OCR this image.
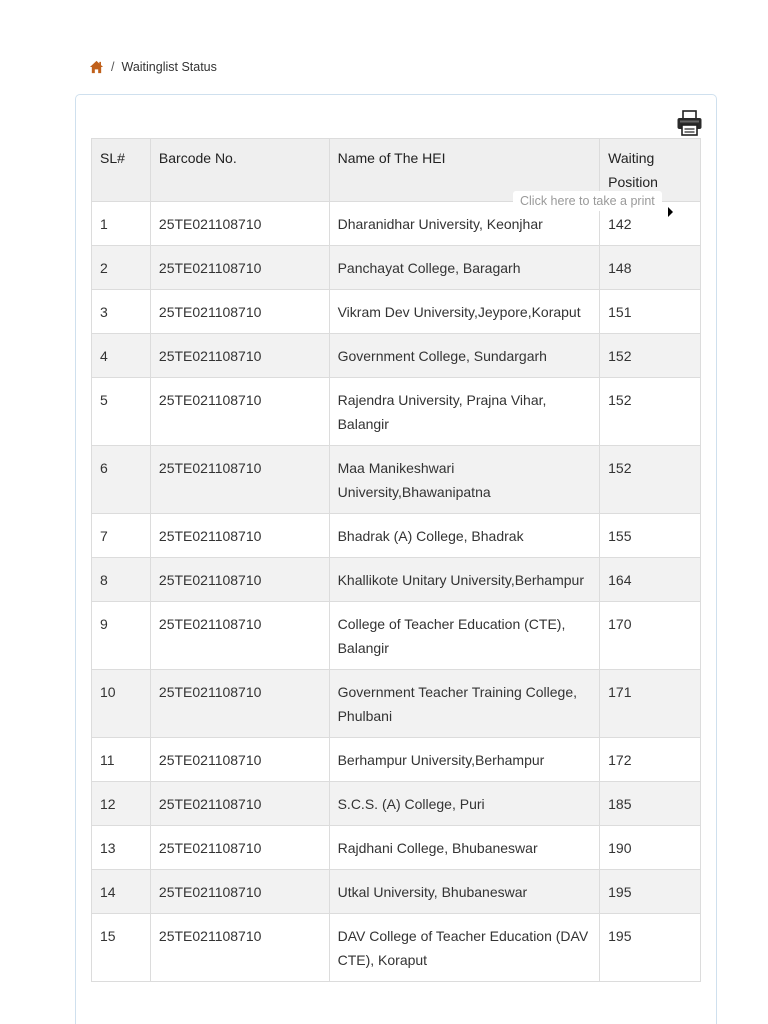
/ Waitinglist Status
SL#	Barcode No.	Name of The HEI	Waiting Position
1	25TE021108710	Dharanidhar University, Keonjhar	142
2	25TE021108710	Panchayat College, Baragarh	148
3	25TE021108710	Vikram Dev University,Jeypore,Koraput	151
4	25TE021108710	Government College, Sundargarh	152
5	25TE021108710	Rajendra University, Prajna Vihar, Balangir	152
6	25TE021108710	Maa Manikeshwari University,Bhawanipatna	152
7	25TE021108710	Bhadrak (A) College, Bhadrak	155
8	25TE021108710	Khallikote Unitary University,Berhampur	164
9	25TE021108710	College of Teacher Education (CTE), Balangir	170
10	25TE021108710	Government Teacher Training College, Phulbani	171
11	25TE021108710	Berhampur University,Berhampur	172
12	25TE021108710	S.C.S. (A) College, Puri	185
13	25TE021108710	Rajdhani College, Bhubaneswar	190
14	25TE021108710	Utkal University, Bhubaneswar	195
15	25TE021108710	DAV College of Teacher Education (DAV CTE), Koraput	195
Click here to take a print
